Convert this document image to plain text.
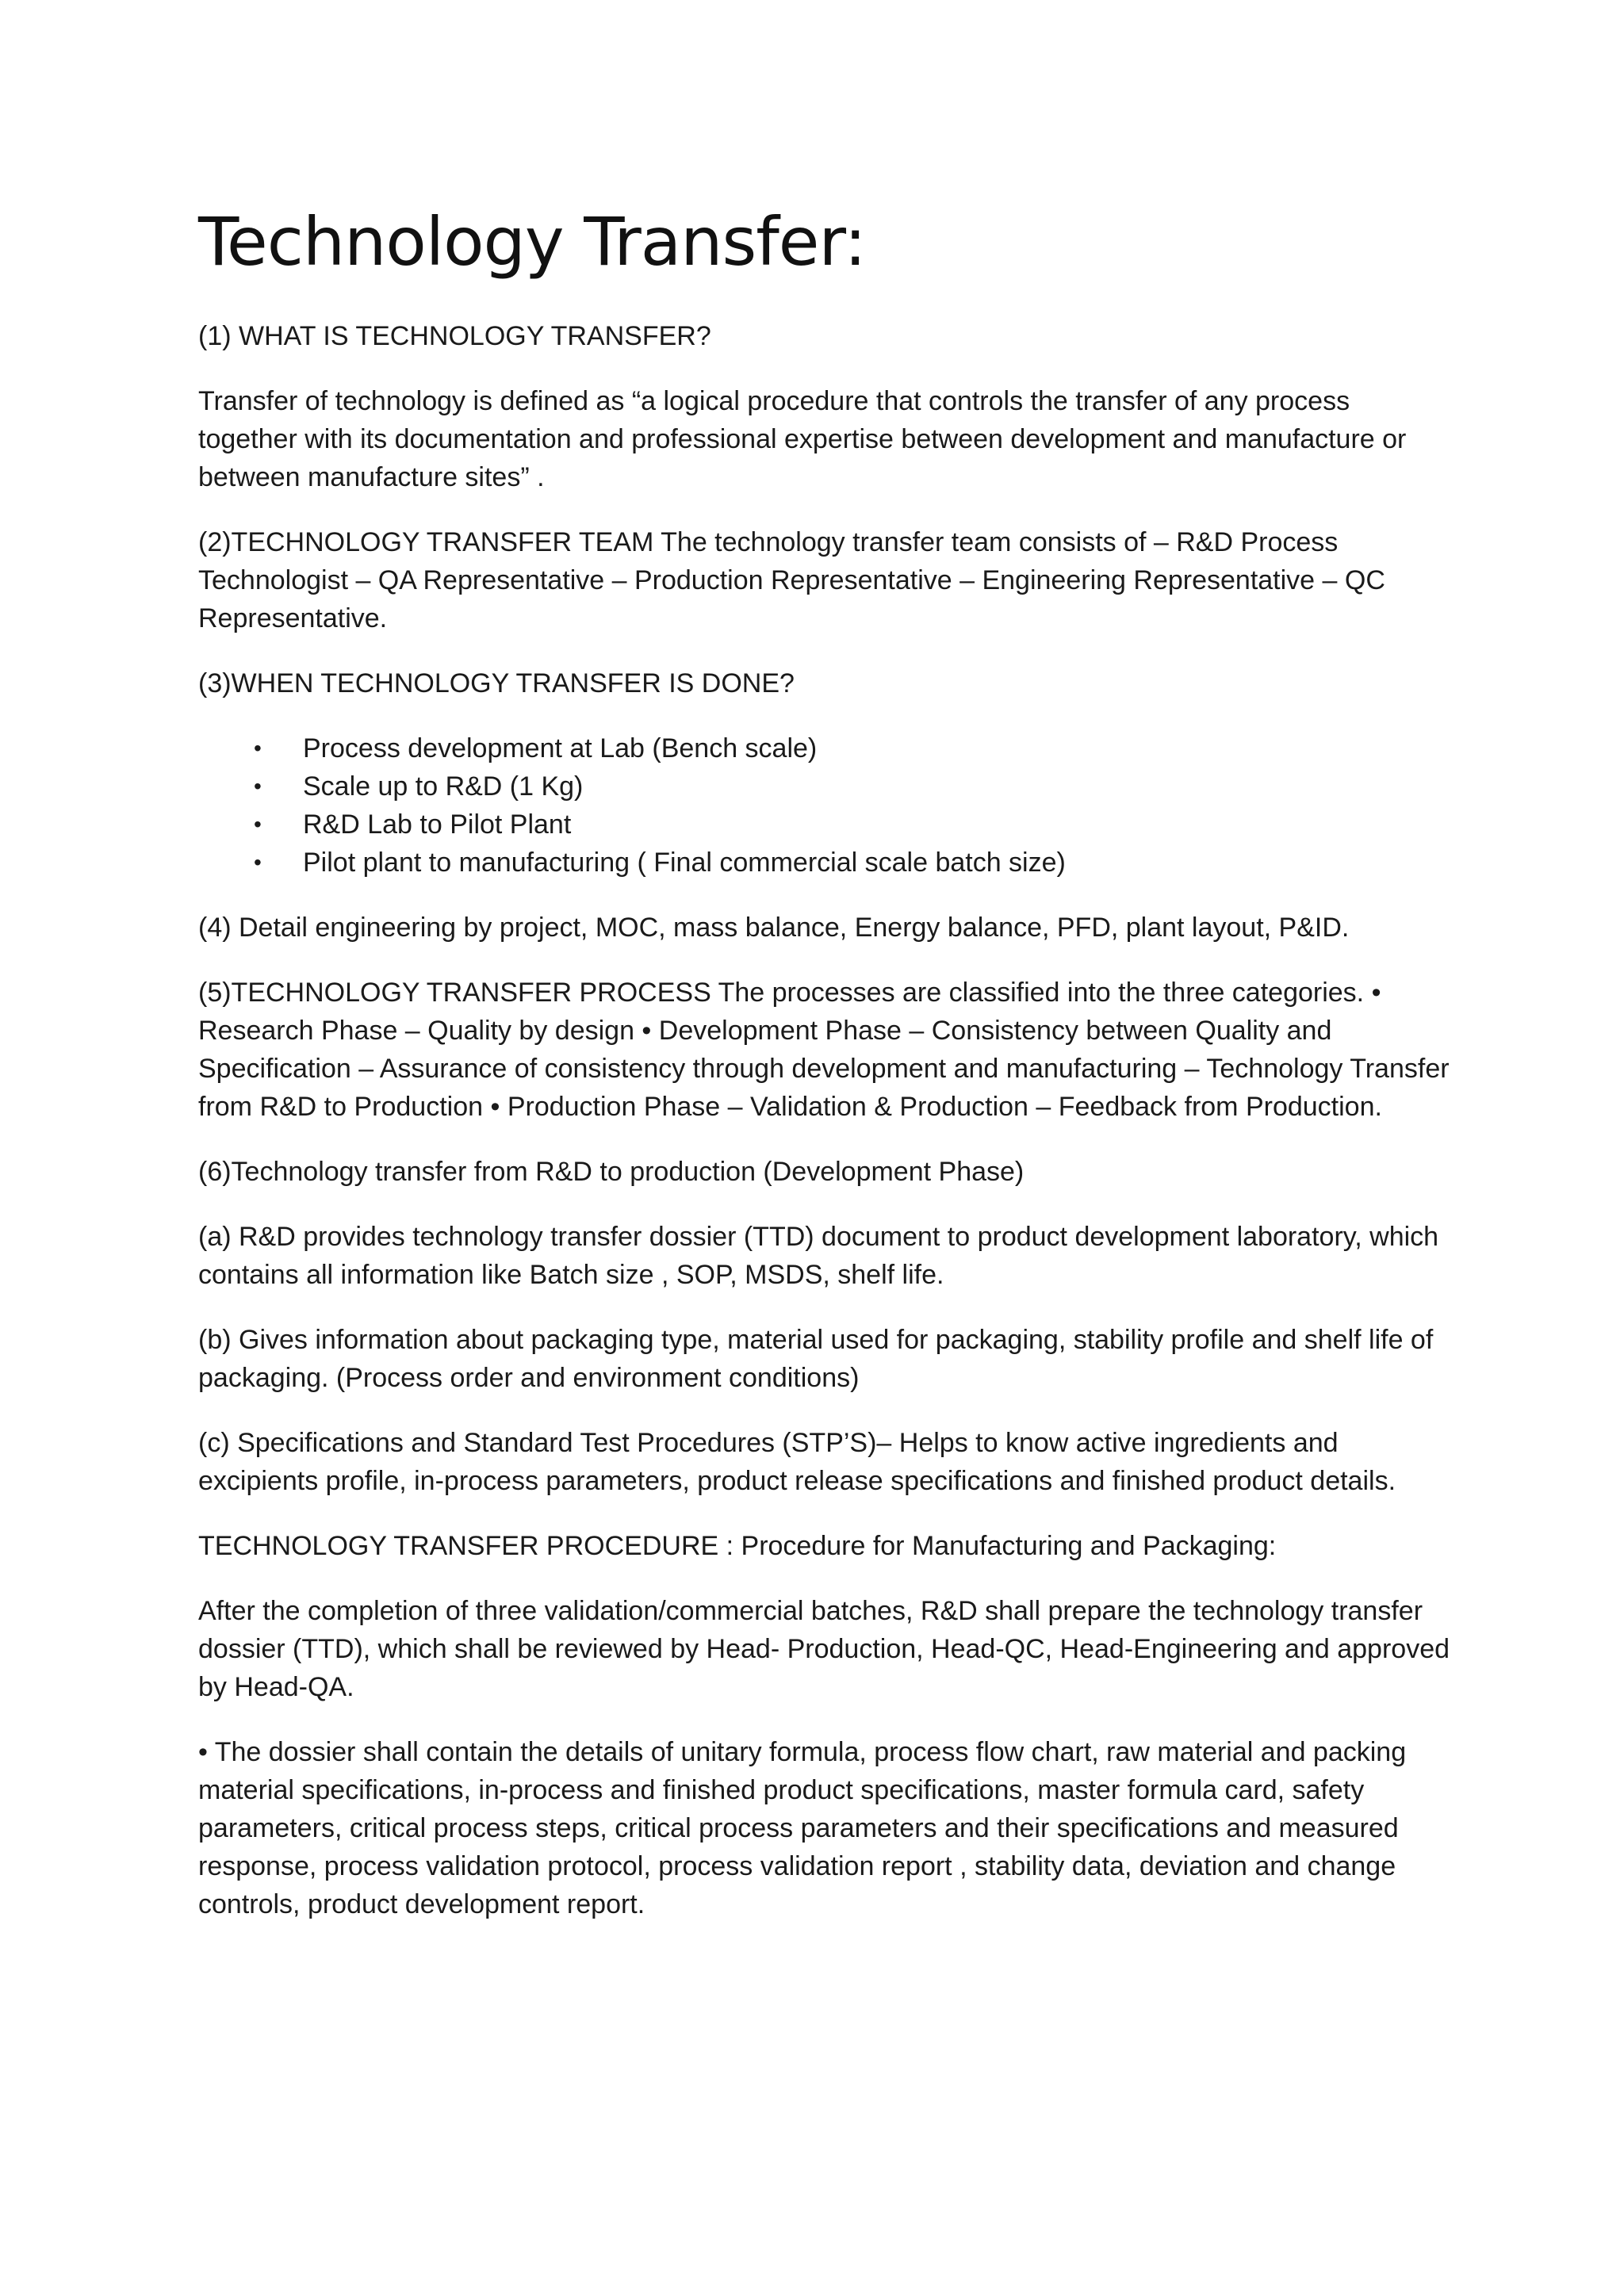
Technology Transfer:

(1) WHAT IS TECHNOLOGY TRANSFER?

Transfer of technology is defined as “a logical procedure that controls the transfer of any process together with its documentation and professional expertise between development and manufacture or between manufacture sites” .

(2)TECHNOLOGY TRANSFER TEAM The technology transfer team consists of – R&D Process Technologist – QA Representative – Production Representative – Engineering Representative – QC Representative.

(3)WHEN TECHNOLOGY TRANSFER IS DONE?

• Process development at Lab (Bench scale)
• Scale up to R&D (1 Kg)
• R&D Lab to Pilot Plant
• Pilot plant to manufacturing ( Final commercial scale batch size)

(4) Detail engineering by project, MOC, mass balance, Energy balance, PFD, plant layout, P&ID.

(5)TECHNOLOGY TRANSFER PROCESS The processes are classified into the three categories. • Research Phase – Quality by design • Development Phase – Consistency between Quality and Specification – Assurance of consistency through development and manufacturing – Technology Transfer from R&D to Production • Production Phase – Validation & Production – Feedback from Production.

(6)Technology transfer from R&D to production (Development Phase)

(a) R&D provides technology transfer dossier (TTD) document to product development laboratory, which contains all information like Batch size , SOP, MSDS, shelf life.

(b) Gives information about packaging type, material used for packaging, stability profile and shelf life of packaging. (Process order and environment conditions)

(c) Specifications and Standard Test Procedures (STP’S)– Helps to know active ingredients and excipients profile, in-process parameters, product release specifications and finished product details.

TECHNOLOGY TRANSFER PROCEDURE : Procedure for Manufacturing and Packaging:

After the completion of three validation/commercial batches, R&D shall prepare the technology transfer dossier (TTD), which shall be reviewed by Head- Production, Head-QC, Head-Engineering and approved by Head-QA.

• The dossier shall contain the details of unitary formula, process flow chart, raw material and packing material specifications, in-process and finished product specifications, master formula card, safety parameters, critical process steps, critical process parameters and their specifications and measured response, process validation protocol, process validation report , stability data, deviation and change controls, product development report.
